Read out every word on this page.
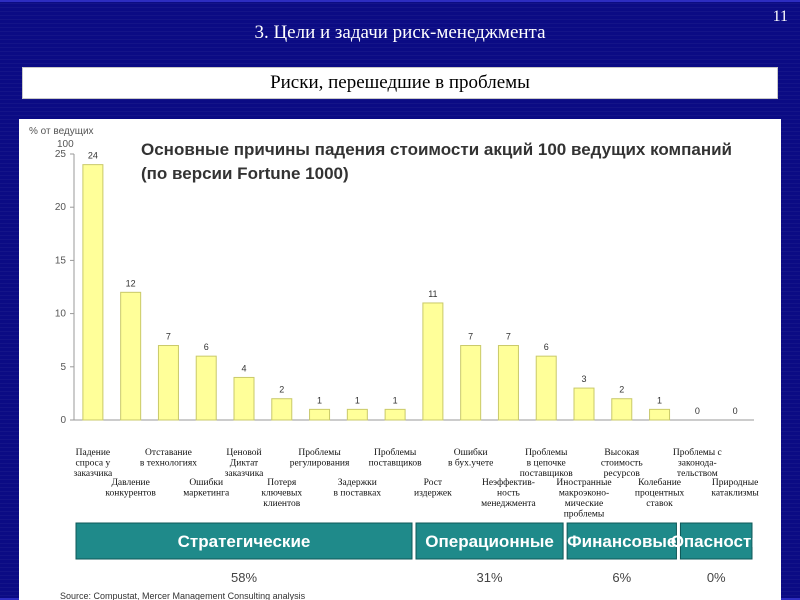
3. Цели и задачи риск-менеджмента
11
Риски, перешедшие в проблемы
0
5
10
15
20
25 24
12
7
6
4
2
1	1	1
11
7	7
6
3
2
1
0	0
Падение спроса у заказчика
Давление конкурентов
Отставание в технологиях
Ошибки маркетинга
Ценовой Диктат заказчика
Потеря ключевых клиентов
Проблемы регулирования
Задержки в поставках
Проблемы поставщиков
Рост издержек
Ошибки в бух.учете
Неэффектив-ность менеджмента
Проблемы в цепочке поставщиков
Иностранные макроэконо-мические проблемы
Высокая стоимость ресурсов
Колебание процентных ставок
Проблемы с законода-тельством
Природные катаклизмы
Стратегические
58%
Операционные
31%
Финансовые
6%
Опасности
0%
Основные причины падения стоимости акций 100 ведущих компаний
(по версии Fortune 1000)
% от ведущих
100
Source: Compustat, Mercer Management Consulting analysis
